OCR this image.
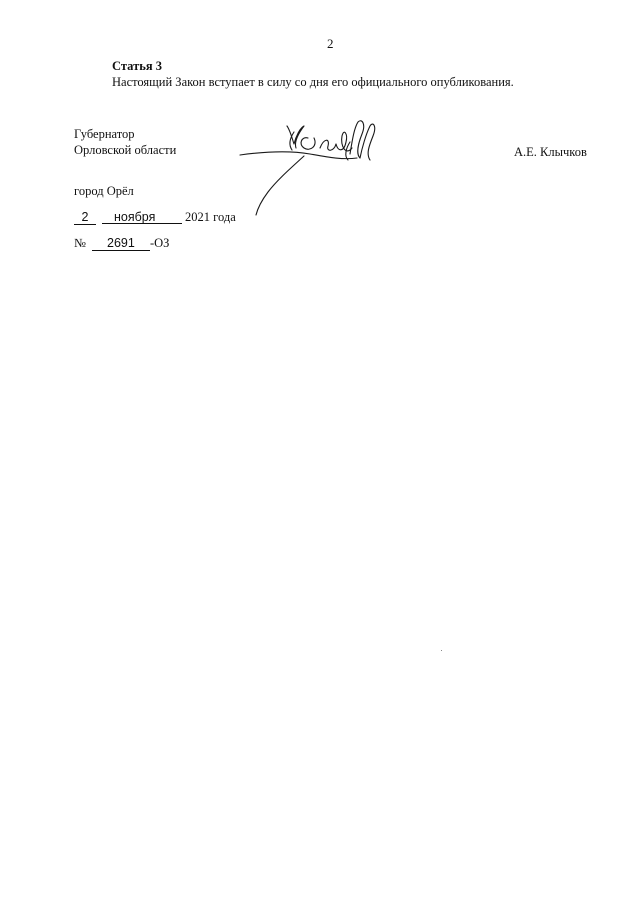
2
Статья 3
Настоящий Закон вступает в силу со дня его официального опубликования.
Губернатор
Орловской области	А.Е. Клычков
город Орёл
2	ноября	2021 года
№	2691	-ОЗ
